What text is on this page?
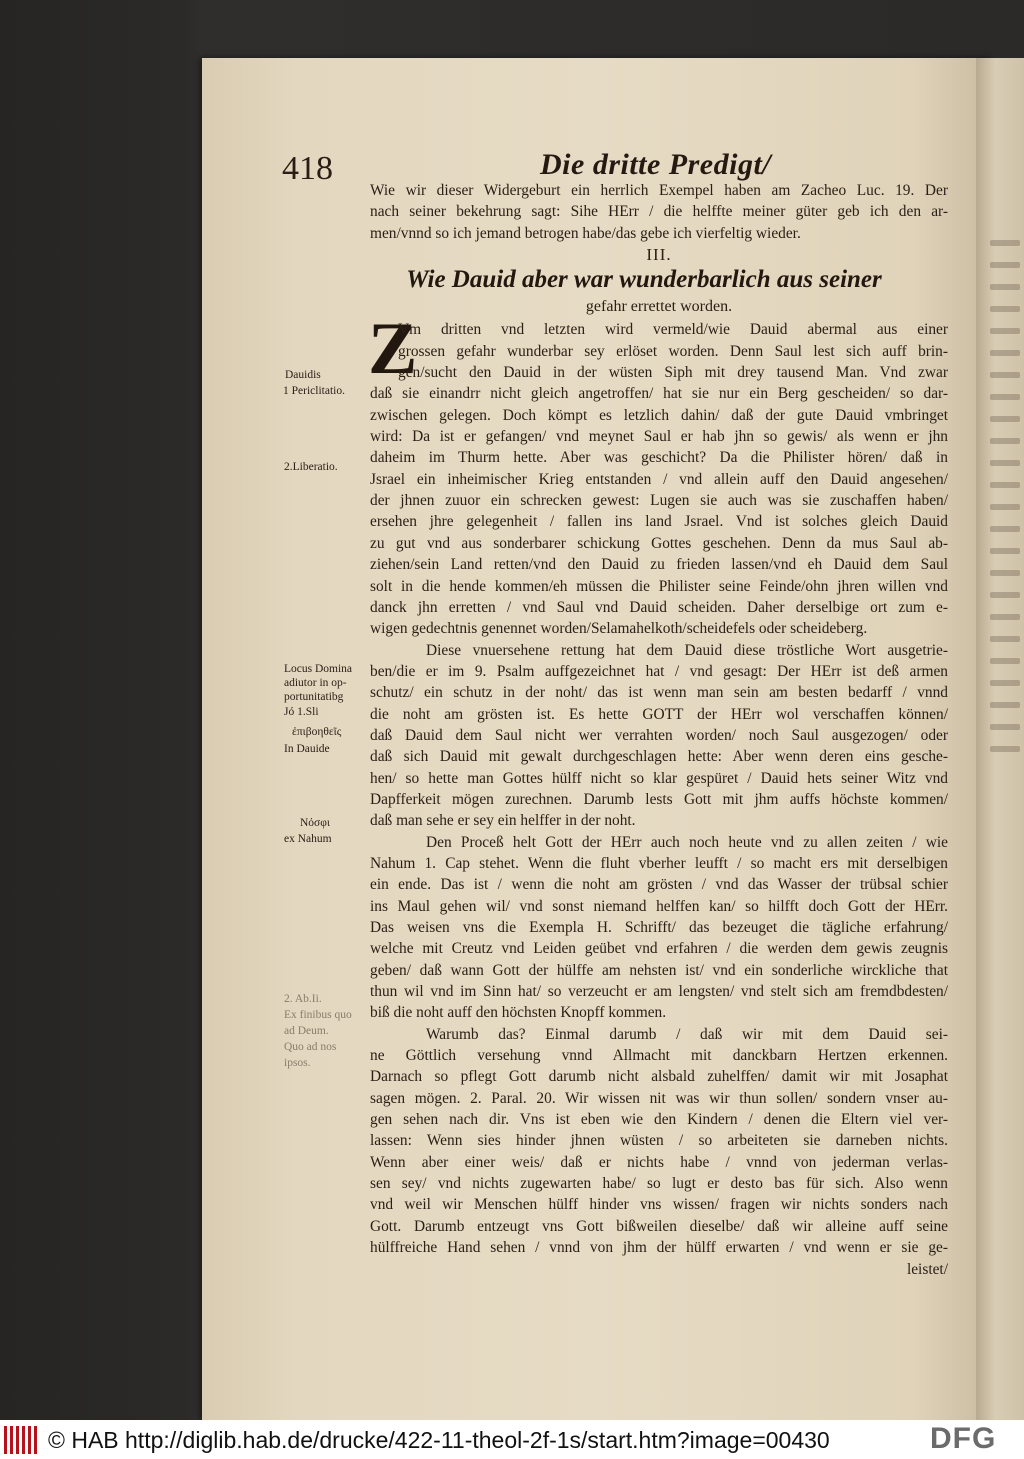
418	Die dritte Predigt/
Z
Wie wir dieser Widergeburt ein herrlich Exempel haben am Zacheo Luc. 19. Der
nach seiner bekehrung sagt: Sihe HErr / die helffte meiner güter geb ich den ar-
men/vnnd so ich jemand betrogen habe/das gebe ich vierfeltig wieder.
III.
Wie Dauid aber war wunderbarlich aus seiner
gefahr errettet worden.
Vm dritten vnd letzten wird vermeld/wie Dauid abermal aus einer
grossen gefahr wunderbar sey erlöset worden. Denn Saul lest sich auff brin-
gen/sucht den Dauid in der wüsten Siph mit drey tausend Man. Vnd zwar
daß sie einandrr nicht gleich angetroffen/ hat sie nur ein Berg gescheiden/ so dar-
zwischen gelegen. Doch kömpt es letzlich dahin/ daß der gute Dauid vmbringet
wird: Da ist er gefangen/ vnd meynet Saul er hab jhn so gewis/ als wenn er jhn
daheim im Thurm hette. Aber was geschicht? Da die Philister hören/ daß in
Jsrael ein inheimischer Krieg entstanden / vnd allein auff den Dauid angesehen/
der jhnen zuuor ein schrecken gewest: Lugen sie auch was sie zuschaffen haben/
ersehen jhre gelegenheit / fallen ins land Jsrael. Vnd ist solches gleich Dauid
zu gut vnd aus sonderbarer schickung Gottes geschehen. Denn da mus Saul ab-
ziehen/sein Land retten/vnd den Dauid zu frieden lassen/vnd eh Dauid dem Saul
solt in die hende kommen/eh müssen die Philister seine Feinde/ohn jhren willen vnd
danck jhn erretten / vnd Saul vnd Dauid scheiden. Daher derselbige ort zum e-
wigen gedechtnis genennet worden/Selamahelkoth/scheidefels oder scheideberg.
Diese vnuersehene rettung hat dem Dauid diese tröstliche Wort ausgetrie-
ben/die er im 9. Psalm auffgezeichnet hat / vnd gesagt: Der HErr ist deß armen
schutz/ ein schutz in der noht/ das ist wenn man sein am besten bedarff / vnnd
die noht am grösten ist. Es hette GOTT der HErr wol verschaffen können/
daß Dauid dem Saul nicht wer verrahten worden/ noch Saul ausgezogen/ oder
daß sich Dauid mit gewalt durchgeschlagen hette: Aber wenn deren eins gesche-
hen/ so hette man Gottes hülff nicht so klar gespüret / Dauid hets seiner Witz vnd
Dapfferkeit mögen zurechnen. Darumb lests Gott mit jhm auffs höchste kommen/
daß man sehe er sey ein helffer in der noht.
Den Proceß helt Gott der HErr auch noch heute vnd zu allen zeiten / wie
Nahum 1. Cap stehet. Wenn die fluht vberher leufft / so macht ers mit derselbigen
ein ende. Das ist / wenn die noht am grösten / vnd das Wasser der trübsal schier
ins Maul gehen wil/ vnd sonst niemand helffen kan/ so hilfft doch Gott der HErr.
Das weisen vns die Exempla H. Schrifft/ das bezeuget die tägliche erfahrung/
welche mit Creutz vnd Leiden geübet vnd erfahren / die werden dem gewis zeugnis
geben/ daß wann Gott der hülffe am nehsten ist/ vnd ein sonderliche wirckliche that
thun wil vnd im Sinn hat/ so verzeucht er am lengsten/ vnd stelt sich am fremdbdesten/
biß die noht auff den höchsten Knopff kommen.
Warumb das? Einmal darumb / daß wir mit dem Dauid sei-
ne Göttlich versehung vnnd Allmacht mit danckbarn Hertzen erkennen.
Darnach so pflegt Gott darumb nicht alsbald zuhelffen/ damit wir mit Josaphat
sagen mögen. 2. Paral. 20. Wir wissen nit was wir thun sollen/ sondern vnser au-
gen sehen nach dir. Vns ist eben wie den Kindern / denen die Eltern viel ver-
lassen: Wenn sies hinder jhnen wüsten / so arbeiteten sie darneben nichts.
Wenn aber einer weis/ daß er nichts habe / vnnd von jederman verlas-
sen sey/ vnd nichts zugewarten habe/ so lugt er desto bas für sich. Also wenn
vnd weil wir Menschen hülff hinder vns wissen/ fragen wir nichts sonders nach
Gott. Darumb entzeugt vns Gott bißweilen dieselbe/ daß wir alleine auff seine
hülffreiche Hand sehen / vnnd von jhm der hülff erwarten / vnd wenn er sie ge-
leistet/
Dauidis
1 Periclitatio.
2.Liberatio.
Locus Domina
adiutor in op-
portunitatibg
Jó 1.Sli
ἐπιβοηθεῖς
In Dauide
Νόσφι
ex Nahum
2. Ab.Ii.
Ex finibus quo
ad Deum.
Quo ad nos
ipsos.
© HAB http://diglib.hab.de/drucke/422-11-theol-2f-1s/start.htm?image=00430	DFG
